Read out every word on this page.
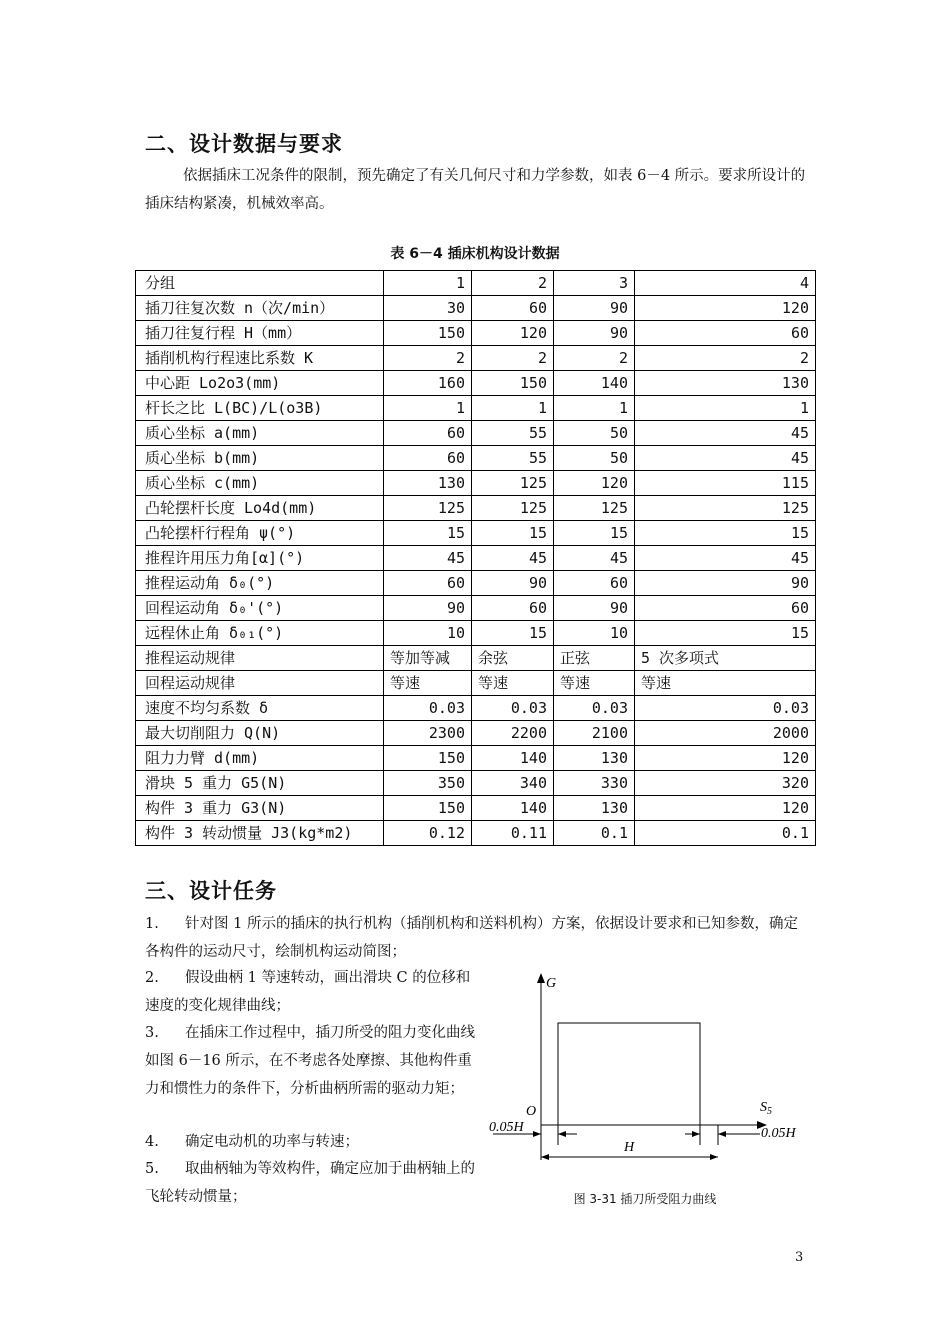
二、设计数据与要求
依据插床工况条件的限制，预先确定了有关几何尺寸和力学参数，如表 6－4 所示。要求所设计的插床结构紧凑，机械效率高。
表 6－4 插床机构设计数据
分组	1	2	3	4
插刀往复次数 n（次/min）	30	60	90	120
插刀往复行程 H（mm）	150	120	90	60
插削机构行程速比系数 K	2	2	2	2
中心距 Lo2o3(mm)	160	150	140	130
杆长之比 L(BC)/L(o3B)	1	1	1	1
质心坐标 a(mm)	60	55	50	45
质心坐标 b(mm)	60	55	50	45
质心坐标 c(mm)	130	125	120	115
凸轮摆杆长度 Lo4d(mm)	125	125	125	125
凸轮摆杆行程角 ψ(°)	15	15	15	15
推程许用压力角[α](°)	45	45	45	45
推程运动角 δ₀(°)	60	90	60	90
回程运动角 δ₀'(°)	90	60	90	60
远程休止角 δ₀₁(°)	10	15	10	15
推程运动规律	等加等减	余弦	正弦	5 次多项式
回程运动规律	等速	等速	等速	等速
速度不均匀系数 δ	0.03	0.03	0.03	0.03
最大切削阻力 Q(N)	2300	2200	2100	2000
阻力力臂 d(mm)	150	140	130	120
滑块 5 重力 G5(N)	350	340	330	320
构件 3 重力 G3(N)	150	140	130	120
构件 3 转动惯量 J3(kg*m2)	0.12	0.11	0.1	0.1
三、设计任务
1. 针对图 1 所示的插床的执行机构（插削机构和送料机构）方案，依据设计要求和已知参数，确定各构件的运动尺寸，绘制机构运动简图；
2. 假设曲柄 1 等速转动，画出滑块 C 的位移和速度的变化规律曲线；
3. 在插床工作过程中，插刀所受的阻力变化曲线如图 6－16 所示，在不考虑各处摩擦、其他构件重力和惯性力的条件下，分析曲柄所需的驱动力矩；
4. 确定电动机的功率与转速；
5. 取曲柄轴为等效构件，确定应加于曲柄轴上的飞轮转动惯量；
G
O
0.05H	0.05H
H
$S_5$
图 3-31 插刀所受阻力曲线
3
